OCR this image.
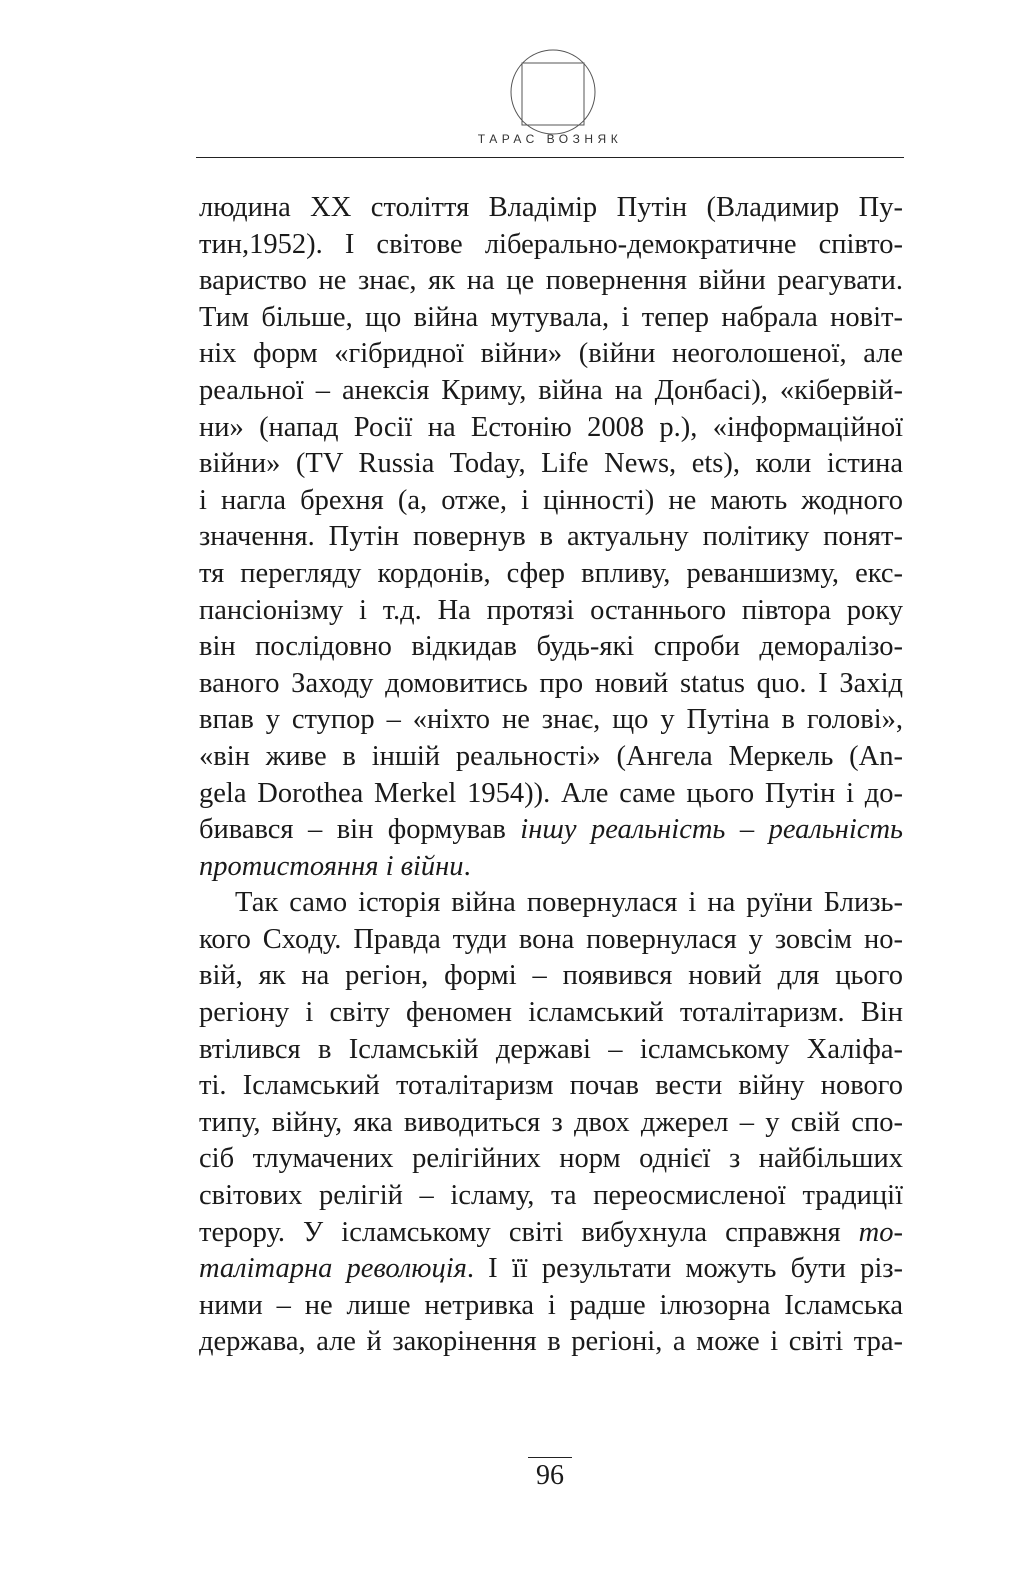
ТАРАС ВОЗНЯК
людина XX століття Владімір Путін (Владимир Пу-
тин,1952). І світове ліберально-демократичне співто-
вариство не знає, як на це повернення війни реагувати.
Тим більше, що війна мутувала, і тепер набрала новіт-
ніх форм «гібридної війни» (війни неоголошеної, але
реальної – анексія Криму, війна на Донбасі), «кібервій-
ни» (напад Росії на Естонію 2008 р.), «інформаційної
війни» (TV Russia Today, Life News, ets), коли істина
і нагла брехня (а, отже, і цінності) не мають жодного
значення. Путін повернув в актуальну політику понят-
тя перегляду кордонів, сфер впливу, реваншизму, екс-
пансіонізму і т.д. На протязі останнього півтора року
він послідовно відкидав будь-які спроби деморалізо-
ваного Заходу домовитись про новий status quo. І Захід
впав у ступор – «ніхто не знає, що у Путіна в голові»,
«він живе в іншій реальності» (Ангела Меркель (An-
gela Dorothea Merkel 1954)). Але саме цього Путін і до-
бивався – він формував іншу реальність – реальність
протистояння і війни.
Так само історія війна повернулася і на руїни Близь-
кого Сходу. Правда туди вона повернулася у зовсім но-
вій, як на регіон, формі – появився новий для цього
регіону і світу феномен ісламський тоталітаризм. Він
втілився в Ісламській державі – ісламському Халіфа-
ті. Ісламський тоталітаризм почав вести війну нового
типу, війну, яка виводиться з двох джерел – у свій спо-
сіб тлумачених релігійних норм однієї з найбільших
світових релігій – ісламу, та переосмисленої традиції
терору. У ісламському світі вибухнула справжня то-
талітарна революція. І її результати можуть бути різ-
ними – не лише нетривка і радше ілюзорна Ісламська
держава, але й закорінення в регіоні, а може і світі тра-
96
